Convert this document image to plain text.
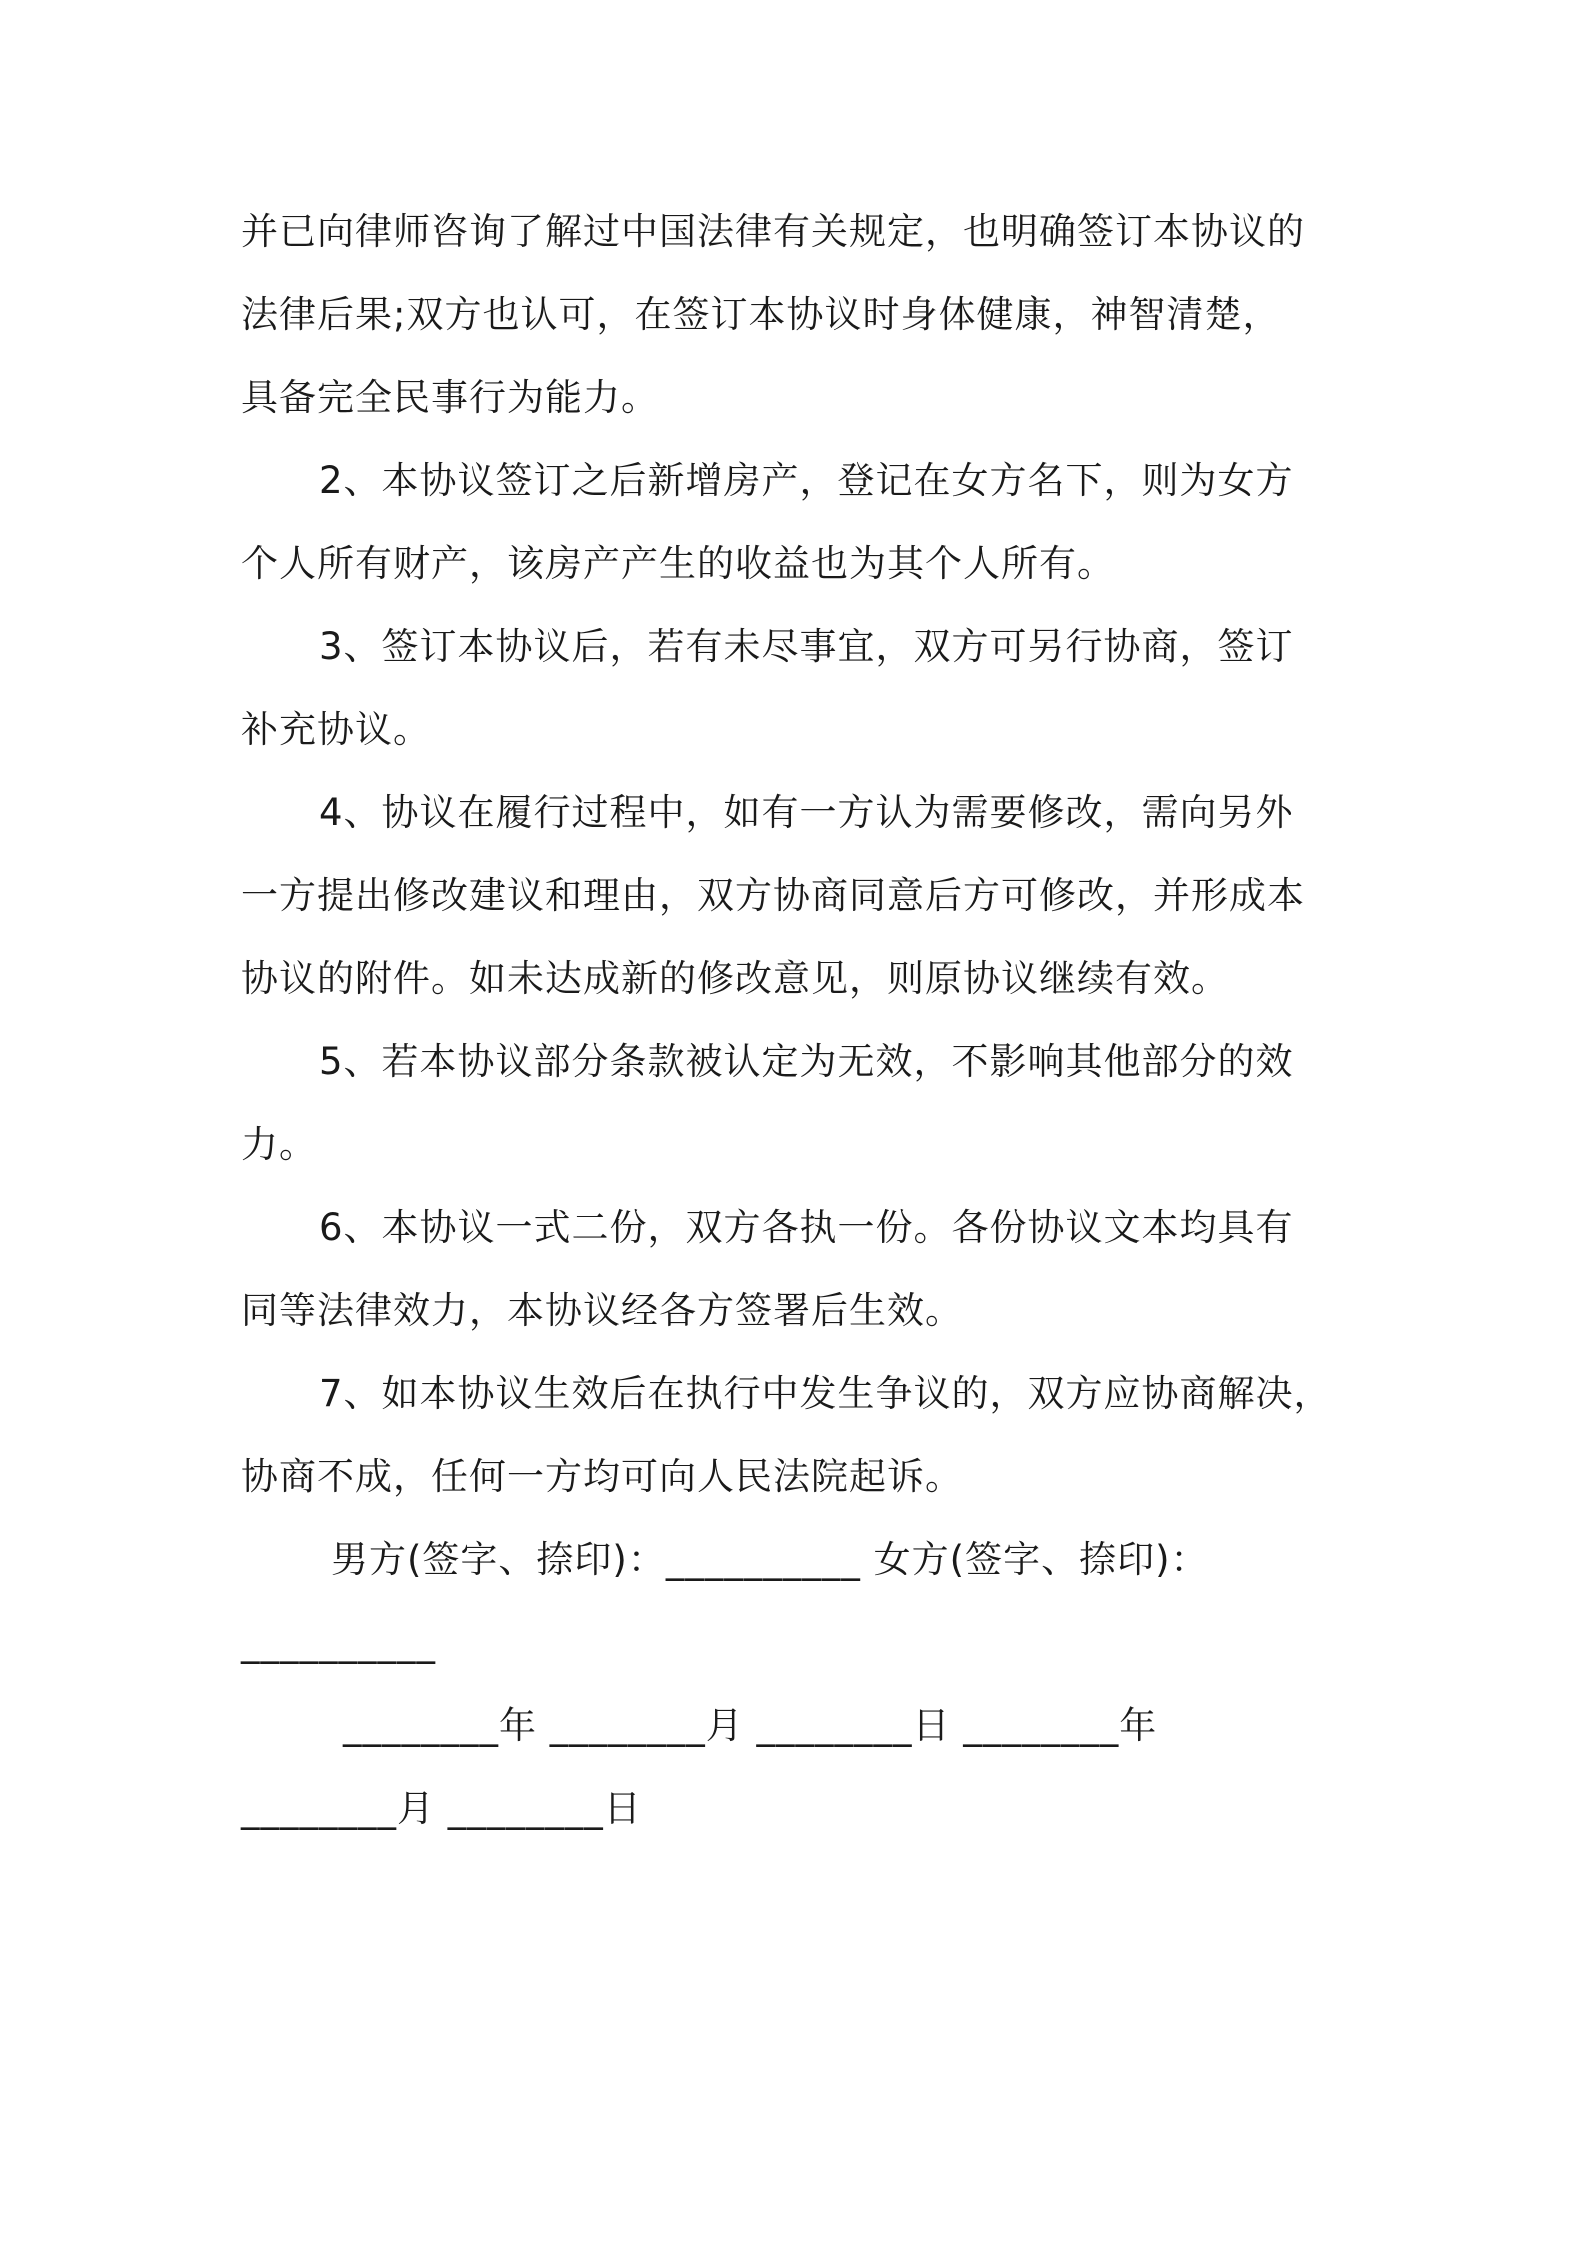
并已向律师咨询了解过中国法律有关规定，也明确签订本协议的
法律后果;双方也认可，在签订本协议时身体健康，神智清楚，
具备完全民事行为能力。
2、本协议签订之后新增房产，登记在女方名下，则为女方
个人所有财产，该房产产生的收益也为其个人所有。
3、签订本协议后，若有未尽事宜，双方可另行协商，签订
补充协议。
4、协议在履行过程中，如有一方认为需要修改，需向另外
一方提出修改建议和理由，双方协商同意后方可修改，并形成本
协议的附件。如未达成新的修改意见，则原协议继续有效。
5、若本协议部分条款被认定为无效，不影响其他部分的效
力。
6、本协议一式二份，双方各执一份。各份协议文本均具有
同等法律效力，本协议经各方签署后生效。
7、如本协议生效后在执行中发生争议的，双方应协商解决，
协商不成，任何一方均可向人民法院起诉。
男方(签字、捺印)：__________ 女方(签字、捺印)：
__________
________年 ________月 ________日 ________年
________月 ________日
